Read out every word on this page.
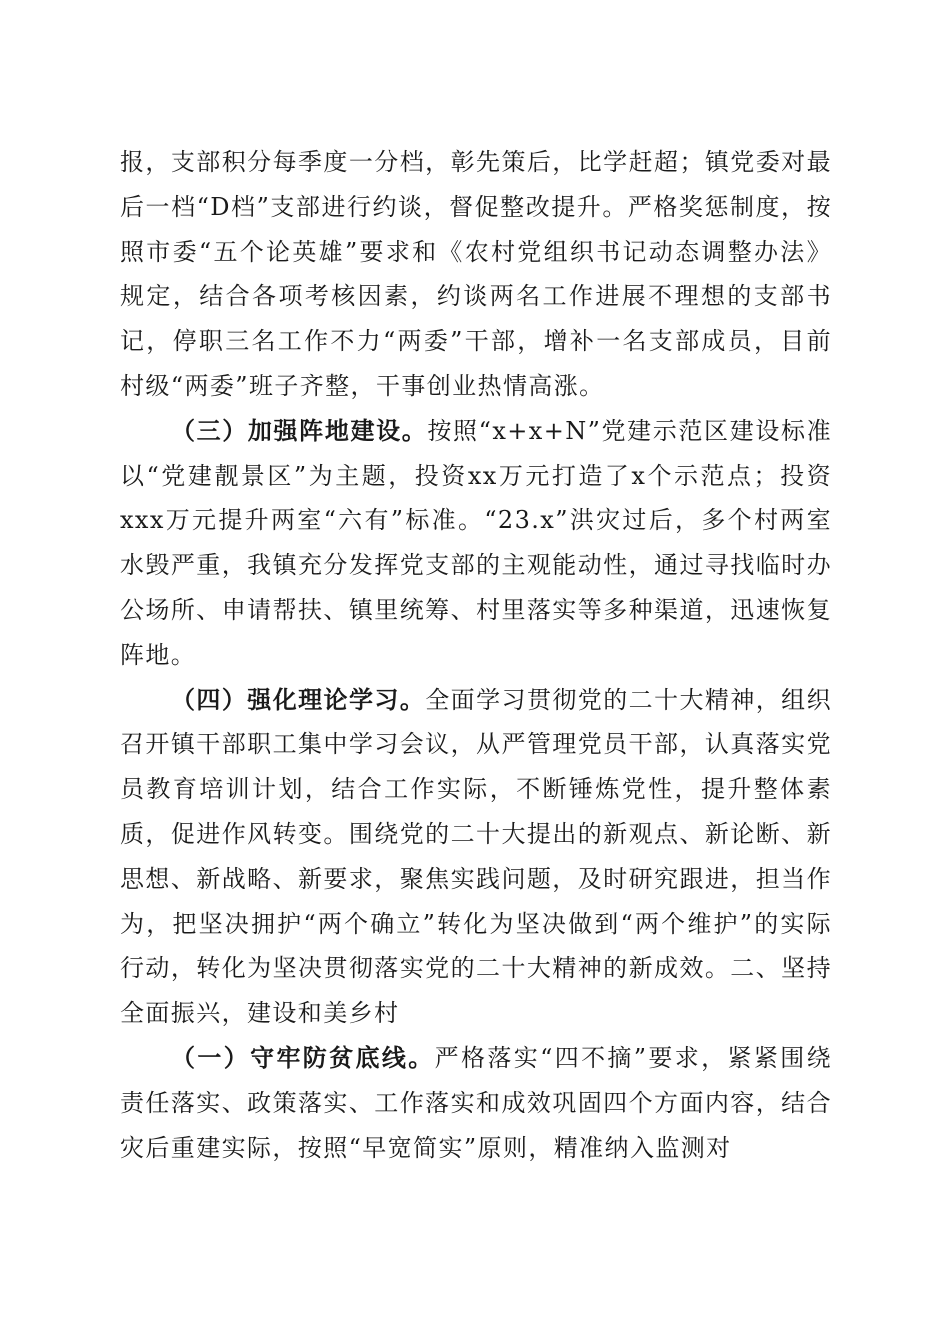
报，支部积分每季度一分档，彰先策后，比学赶超；镇党委对最后一档“D档”支部进行约谈，督促整改提升。严格奖惩制度，按照市委“五个论英雄”要求和《农村党组织书记动态调整办法》规定，结合各项考核因素，约谈两名工作进展不理想的支部书记，停职三名工作不力“两委”干部，增补一名支部成员，目前村级“两委”班子齐整，干事创业热情高涨。

（三）加强阵地建设。按照“x+x+N”党建示范区建设标准以“党建靓景区”为主题，投资xx万元打造了x个示范点；投资xxx万元提升两室“六有”标准。“23.x”洪灾过后，多个村两室水毁严重，我镇充分发挥党支部的主观能动性，通过寻找临时办公场所、申请帮扶、镇里统筹、村里落实等多种渠道，迅速恢复阵地。

（四）强化理论学习。全面学习贯彻党的二十大精神，组织召开镇干部职工集中学习会议，从严管理党员干部，认真落实党员教育培训计划，结合工作实际，不断锤炼党性，提升整体素质，促进作风转变。围绕党的二十大提出的新观点、新论断、新思想、新战略、新要求，聚焦实践问题，及时研究跟进，担当作为，把坚决拥护“两个确立”转化为坚决做到“两个维护”的实际行动，转化为坚决贯彻落实党的二十大精神的新成效。二、坚持全面振兴，建设和美乡村

（一）守牢防贫底线。严格落实“四不摘”要求，紧紧围绕责任落实、政策落实、工作落实和成效巩固四个方面内容，结合灾后重建实际，按照“早宽简实”原则，精准纳入监测对
